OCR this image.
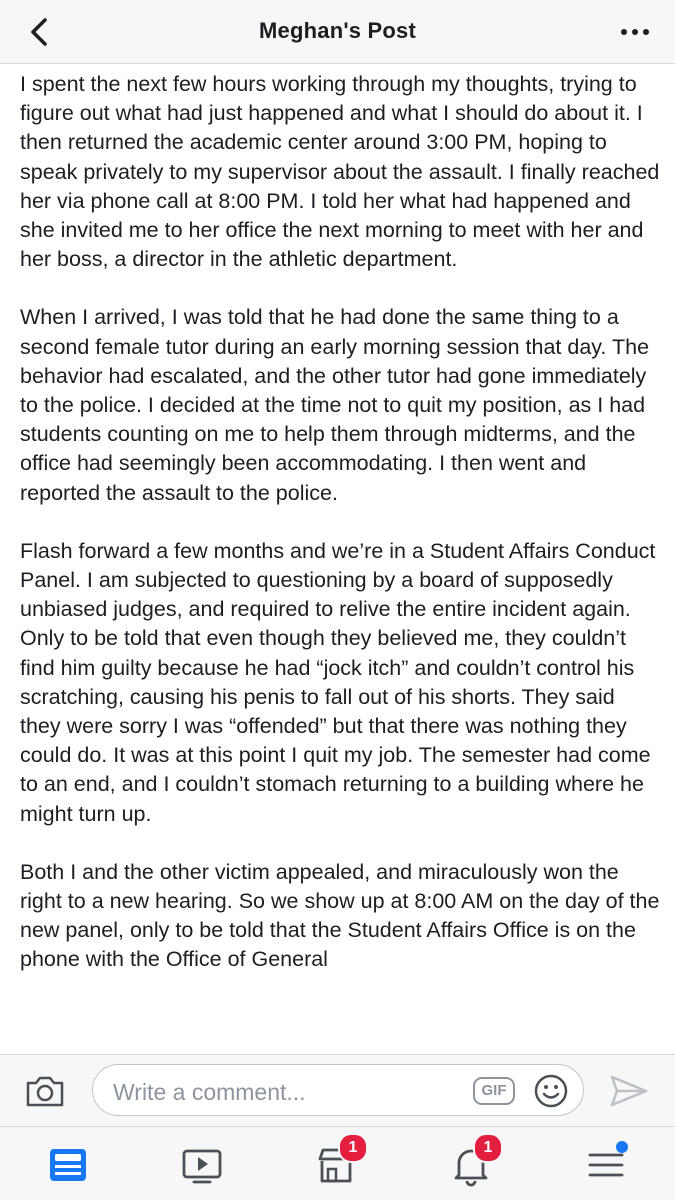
Meghan's Post

I spent the next few hours working through my thoughts, trying to figure out what had just happened and what I should do about it. I then returned the academic center around 3:00 PM, hoping to speak privately to my supervisor about the assault. I finally reached her via phone call at 8:00 PM. I told her what had happened and she invited me to her office the next morning to meet with her and her boss, a director in the athletic department.

When I arrived, I was told that he had done the same thing to a second female tutor during an early morning session that day. The behavior had escalated, and the other tutor had gone immediately to the police. I decided at the time not to quit my position, as I had students counting on me to help them through midterms, and the office had seemingly been accommodating. I then went and reported the assault to the police.

Flash forward a few months and we’re in a Student Affairs Conduct Panel. I am subjected to questioning by a board of supposedly unbiased judges, and required to relive the entire incident again. Only to be told that even though they believed me, they couldn’t find him guilty because he had “jock itch” and couldn’t control his scratching, causing his penis to fall out of his shorts. They said they were sorry I was “offended” but that there was nothing they could do. It was at this point I quit my job. The semester had come to an end, and I couldn’t stomach returning to a building where he might turn up.

Both I and the other victim appealed, and miraculously won the right to a new hearing. So we show up at 8:00 AM on the day of the new panel, only to be told that the Student Affairs Office is on the phone with the Office of General

Write a comment...	GIF
1	1
